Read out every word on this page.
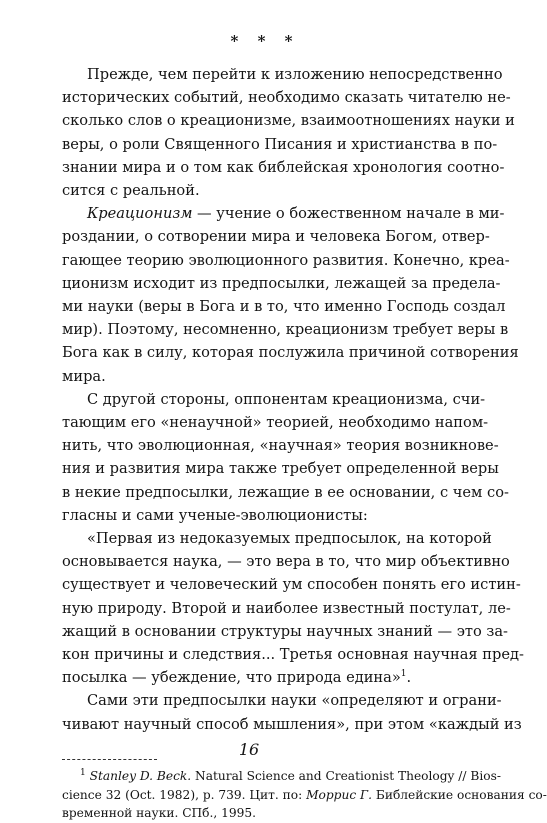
* * *
Прежде, чем перейти к изложению непосредственно
исторических событий, необходимо сказать читателю не-
сколько слов о креационизме, взаимоотношениях науки и
веры, о роли Священного Писания и христианства в по-
знании мира и о том как библейская хронология соотно-
сится с реальной.
Креационизм — учение о божественном начале в ми-
роздании, о сотворении мира и человека Богом, отвер-
гающее теорию эволюционного развития. Конечно, креа-
ционизм исходит из предпосылки, лежащей за предела-
ми науки (веры в Бога и в то, что именно Господь создал
мир). Поэтому, несомненно, креационизм требует веры в
Бога как в силу, которая послужила причиной сотворения
мира.
С другой стороны, оппонентам креационизма, счи-
тающим его «ненаучной» теорией, необходимо напом-
нить, что эволюционная, «научная» теория возникнове-
ния и развития мира также требует определенной веры
в некие предпосылки, лежащие в ее основании, с чем со-
гласны и сами ученые-эволюционисты:
«Первая из недоказуемых предпосылок, на которой
основывается наука, — это вера в то, что мир объективно
существует и человеческий ум способен понять его истин-
ную природу. Второй и наиболее известный постулат, ле-
жащий в основании структуры научных знаний — это за-
кон причины и следствия... Третья основная научная пред-
посылка — убеждение, что природа едина»$^1$.
Сами эти предпосылки науки «определяют и ограни-
чивают научный способ мышления», при этом «каждый из
$^1$ Stanley D. Beck. Natural Science and Creationist Theology // Bios-
cience 32 (Oct. 1982), p. 739. Цит. по: Моррис Г. Библейские основания со-
временной науки. СПб., 1995.
16
